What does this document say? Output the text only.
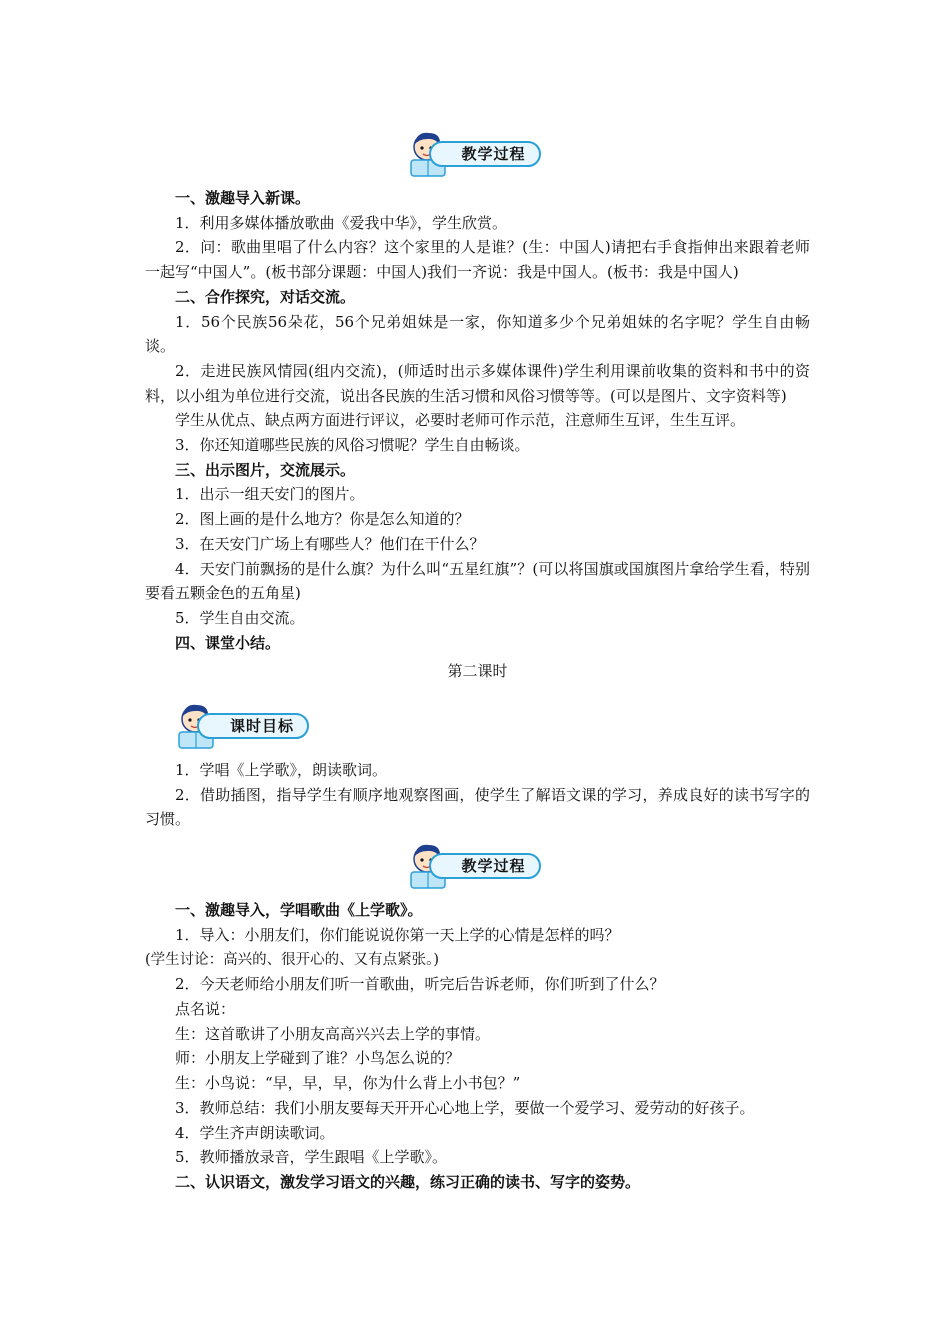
教学过程

一、激趣导入新课。

1．利用多媒体播放歌曲《爱我中华》，学生欣赏。

2．问：歌曲里唱了什么内容？这个家里的人是谁？(生：中国人)请把右手食指伸出来跟着老师一起写“中国人”。(板书部分课题：中国人)我们一齐说：我是中国人。(板书：我是中国人)

二、合作探究，对话交流。

1．56个民族56朵花，56个兄弟姐妹是一家，你知道多少个兄弟姐妹的名字呢？学生自由畅谈。

2．走进民族风情园(组内交流)，(师适时出示多媒体课件)学生利用课前收集的资料和书中的资料，以小组为单位进行交流，说出各民族的生活习惯和风俗习惯等等。(可以是图片、文字资料等)

学生从优点、缺点两方面进行评议，必要时老师可作示范，注意师生互评，生生互评。

3．你还知道哪些民族的风俗习惯呢？学生自由畅谈。

三、出示图片，交流展示。

1．出示一组天安门的图片。

2．图上画的是什么地方？你是怎么知道的？

3．在天安门广场上有哪些人？他们在干什么？

4．天安门前飘扬的是什么旗？为什么叫“五星红旗”？(可以将国旗或国旗图片拿给学生看，特别要看五颗金色的五角星)

5．学生自由交流。

四、课堂小结。

第二课时

课时目标

1．学唱《上学歌》，朗读歌词。

2．借助插图，指导学生有顺序地观察图画，使学生了解语文课的学习，养成良好的读书写字的习惯。

教学过程

一、激趣导入，学唱歌曲《上学歌》。

1．导入：小朋友们，你们能说说你第一天上学的心情是怎样的吗？

(学生讨论：高兴的、很开心的、又有点紧张。)

2．今天老师给小朋友们听一首歌曲，听完后告诉老师，你们听到了什么？

点名说：

生：这首歌讲了小朋友高高兴兴去上学的事情。

师：小朋友上学碰到了谁？小鸟怎么说的？

生：小鸟说：“早，早，早，你为什么背上小书包？”

3．教师总结：我们小朋友要每天开开心心地上学，要做一个爱学习、爱劳动的好孩子。

4．学生齐声朗读歌词。

5．教师播放录音，学生跟唱《上学歌》。

二、认识语文，激发学习语文的兴趣，练习正确的读书、写字的姿势。
